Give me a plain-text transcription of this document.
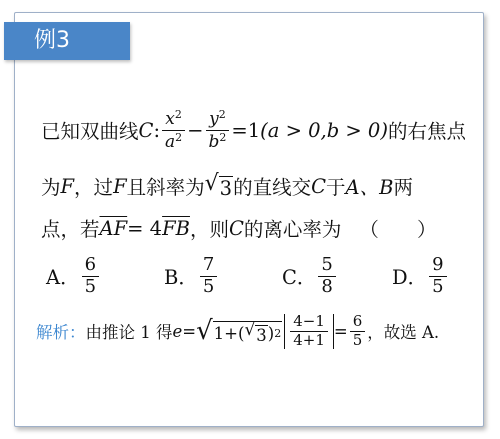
例3
已知双曲线 C : $\frac{x^2}{a^2} - \frac{y^2}{b^2} =1$ (a > 0,b > 0) 的右焦点
为 F ，过 F 且斜率为 √ 3 的直线交 C 于 A、B 两
点，若 $\overline{AF} = 4$ $\overline{FB}$ ，则 C 的离心率为 （ ）
A． $\frac{6}{5}$	B． $\frac{7}{5}$	C． $\frac{5}{8}$	D． $\frac{9}{5}$
解析： 由推论 1 得 e = √ 1+( √ 3 ) $2 \frac{4-1}{4+1} = \frac{6}{5}$ ，故选 A.
